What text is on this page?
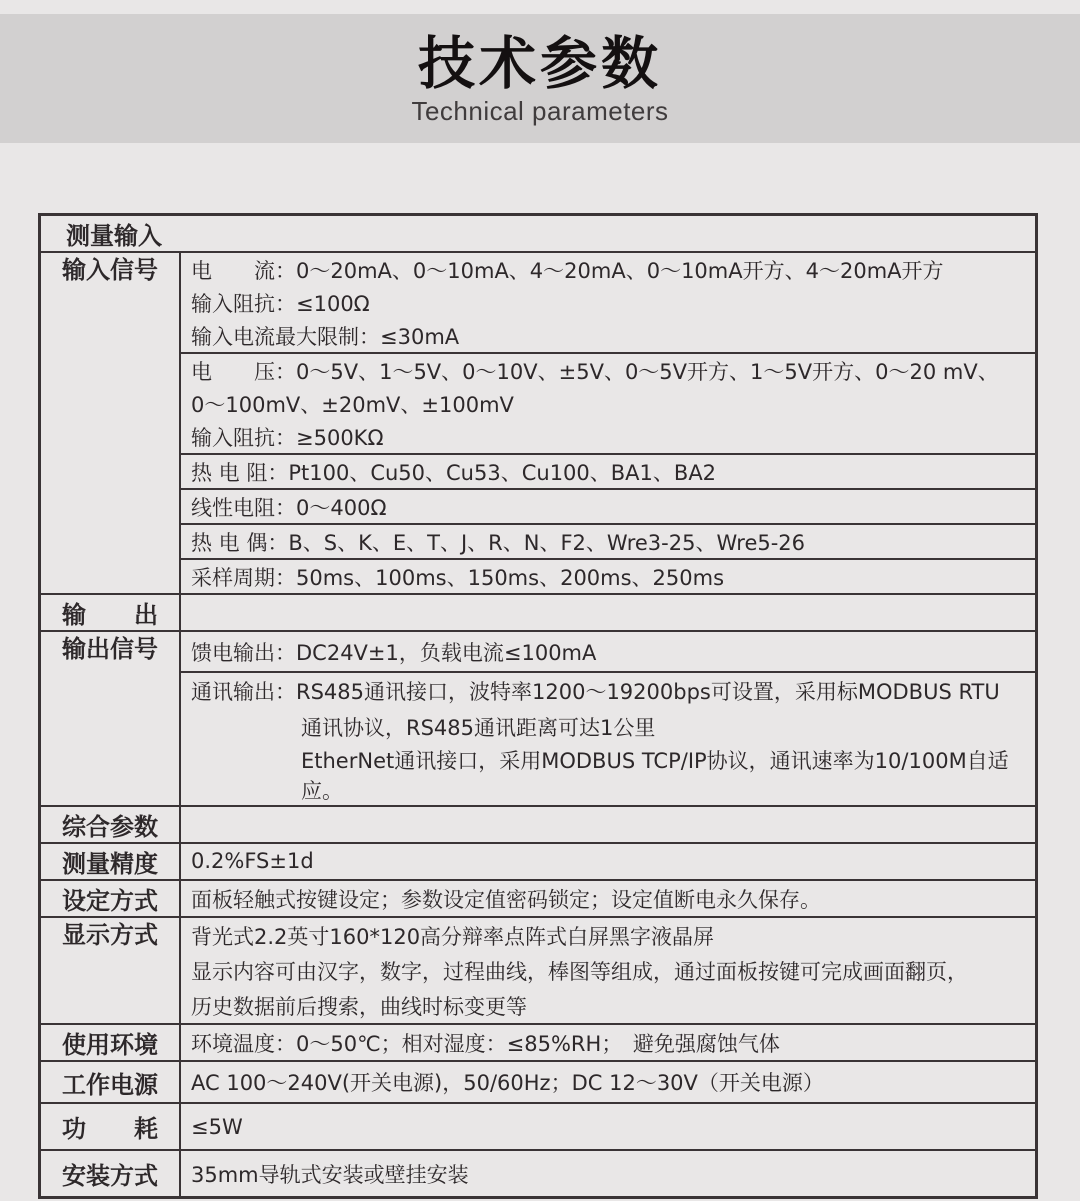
技术参数
Technical parameters
测量输入
输入信号	电　　流：0～20mA、0～10mA、4～20mA、0～10mA开方、4～20mA开方
输入阻抗：≤100Ω
输入电流最大限制：≤30mA
电　　压：0～5V、1～5V、0～10V、±5V、0～5V开方、1～5V开方、0～20 mV、
0～100mV、±20mV、±100mV
输入阻抗：≥500KΩ
热 电 阻：Pt100、Cu50、Cu53、Cu100、BA1、BA2
线性电阻：0～400Ω
热 电 偶：B、S、K、E、T、J、R、N、F2、Wre3-25、Wre5-26
采样周期：50ms、100ms、150ms、200ms、250ms
输　　出
输出信号	馈电输出：DC24V±1，负载电流≤100mA
通讯输出：RS485通讯接口，波特率1200～19200bps可设置，采用标MODBUS RTU
通讯协议，RS485通讯距离可达1公里
EtherNet通讯接口，采用MODBUS TCP/IP协议，通讯速率为10/100M自适应。
综合参数
测量精度	0.2%FS±1d
设定方式	面板轻触式按键设定；参数设定值密码锁定；设定值断电永久保存。
显示方式	背光式2.2英寸160*120高分辩率点阵式白屏黑字液晶屏
显示内容可由汉字，数字，过程曲线，棒图等组成，通过面板按键可完成画面翻页，
历史数据前后搜索，曲线时标变更等
使用环境	环境温度：0～50℃；相对湿度：≤85%RH；　避免强腐蚀气体
工作电源	AC 100～240V(开关电源)，50/60Hz；DC 12～30V（开关电源）
功　　耗	≤5W
安装方式	35mm导轨式安装或壁挂安装
